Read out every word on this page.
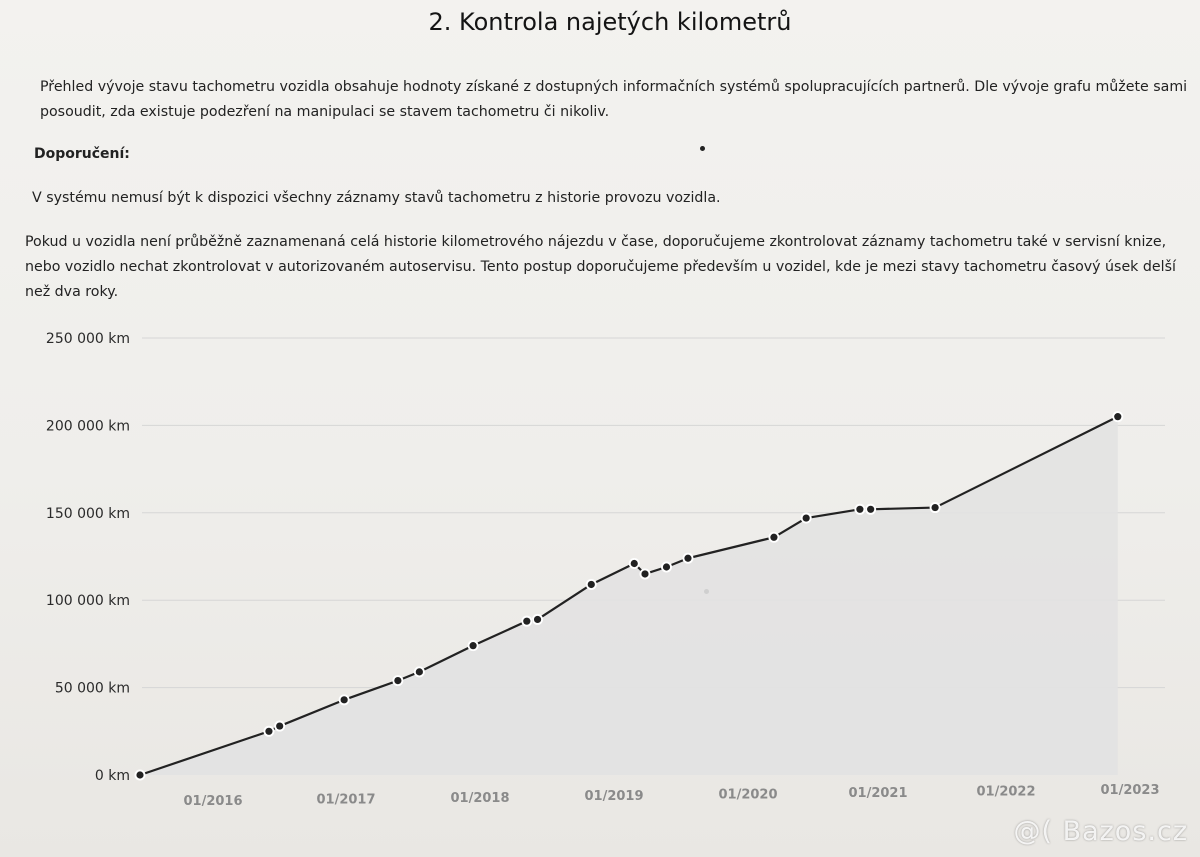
2. Kontrola najetých kilometrů
Přehled vývoje stavu tachometru vozidla obsahuje hodnoty získané z dostupných informačních systémů spolupracujících partnerů. Dle vývoje grafu můžete sami posoudit, zda existuje podezření na manipulaci se stavem tachometru či nikoliv.
Doporučení:
V systému nemusí být k dispozici všechny záznamy stavů tachometru z historie provozu vozidla.
Pokud u vozidla není průběžně zaznamenaná celá historie kilometrového nájezdu v čase, doporučujeme zkontrolovat záznamy tachometru také v servisní knize, nebo vozidlo nechat zkontrolovat v autorizovaném autoservisu. Tento postup doporučujeme především u vozidel, kde je mezi stavy tachometru časový úsek delší než dva roky.
0 km
50 000 km
100 000 km
150 000 km
200 000 km
250 000 km
01/2016	01/2017	01/2018	01/2019	01/2020	01/2021	01/2022	01/2023
@( Bazos.cz
